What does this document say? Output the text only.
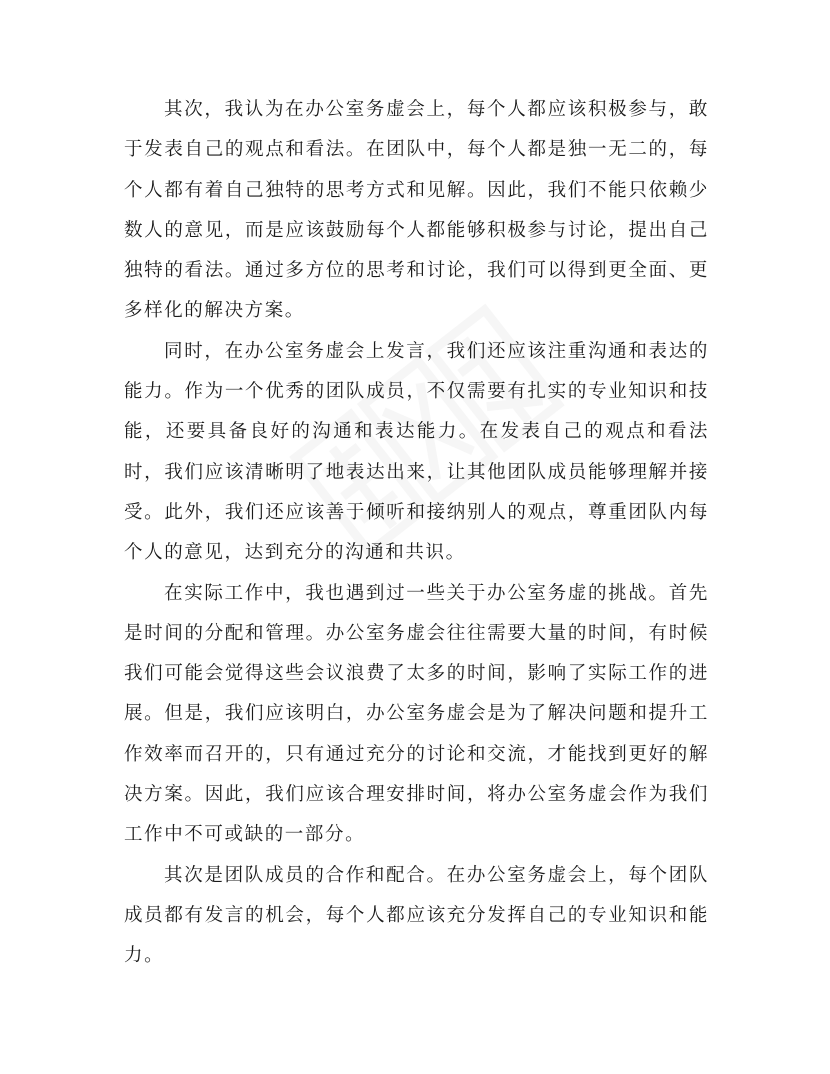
其次，我认为在办公室务虚会上，每个人都应该积极参与，敢于发表自己的观点和看法。在团队中，每个人都是独一无二的，每个人都有着自己独特的思考方式和见解。因此，我们不能只依赖少数人的意见，而是应该鼓励每个人都能够积极参与讨论，提出自己独特的看法。通过多方位的思考和讨论，我们可以得到更全面、更多样化的解决方案。

同时，在办公室务虚会上发言，我们还应该注重沟通和表达的能力。作为一个优秀的团队成员，不仅需要有扎实的专业知识和技能，还要具备良好的沟通和表达能力。在发表自己的观点和看法时，我们应该清晰明了地表达出来，让其他团队成员能够理解并接受。此外，我们还应该善于倾听和接纳别人的观点，尊重团队内每个人的意见，达到充分的沟通和共识。

在实际工作中，我也遇到过一些关于办公室务虚的挑战。首先是时间的分配和管理。办公室务虚会往往需要大量的时间，有时候我们可能会觉得这些会议浪费了太多的时间，影响了实际工作的进展。但是，我们应该明白，办公室务虚会是为了解决问题和提升工作效率而召开的，只有通过充分的讨论和交流，才能找到更好的解决方案。因此，我们应该合理安排时间，将办公室务虚会作为我们工作中不可或缺的一部分。

其次是团队成员的合作和配合。在办公室务虚会上，每个团队成员都有发言的机会，每个人都应该充分发挥自己的专业知识和能力。
